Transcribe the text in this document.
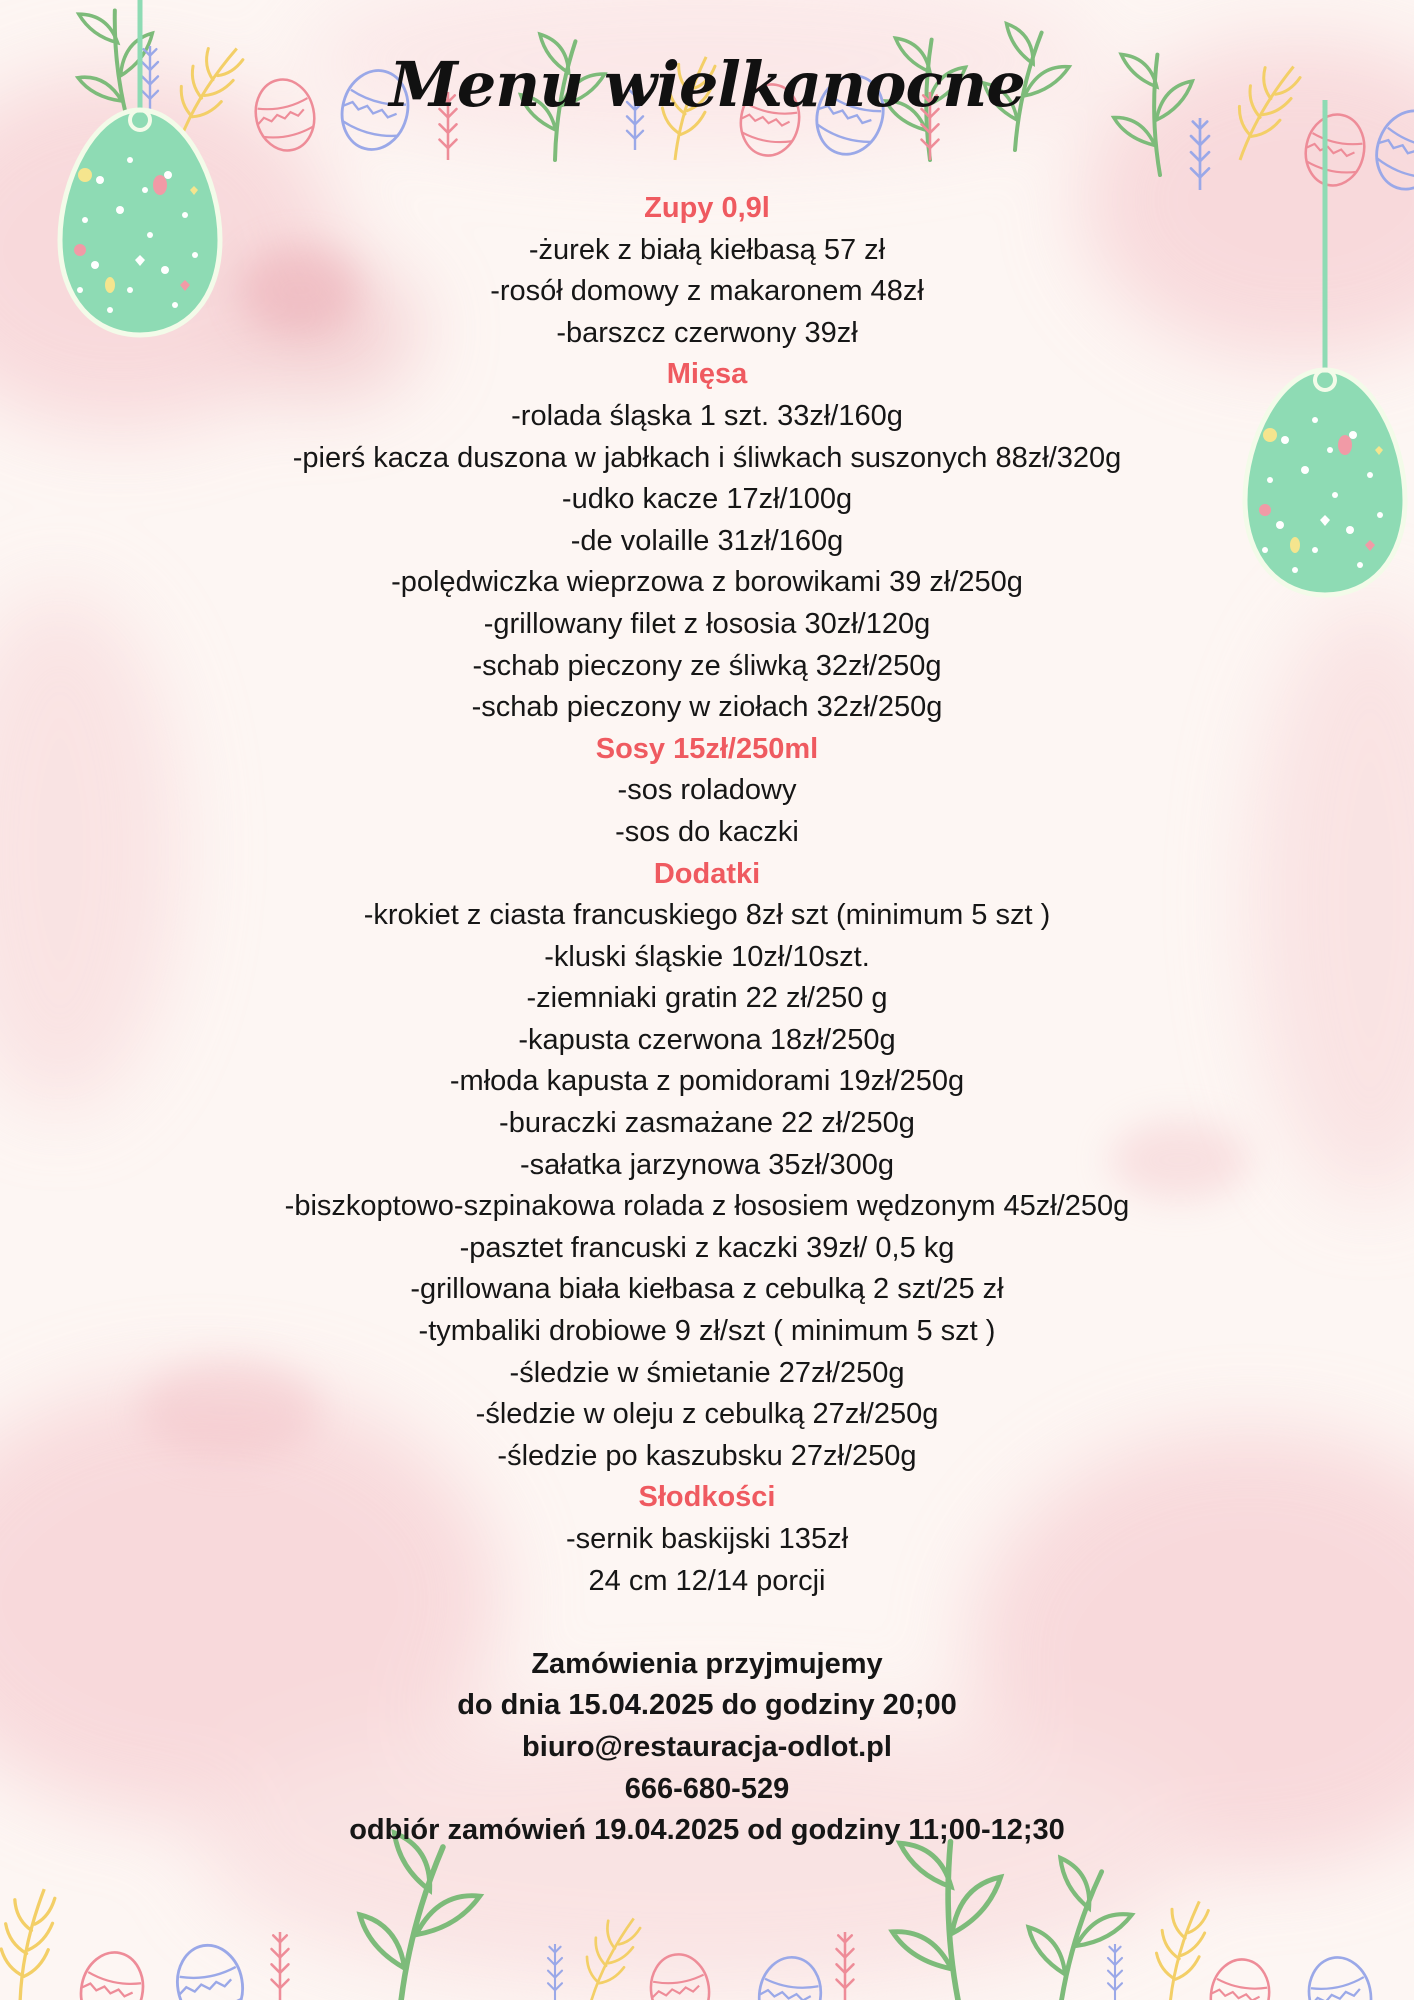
Menu wielkanocne
Zupy 0,9l
-żurek z białą kiełbasą 57 zł
-rosół domowy z makaronem 48zł
-barszcz czerwony 39zł
Mięsa
-rolada śląska 1 szt. 33zł/160g
-pierś kacza duszona w jabłkach i śliwkach suszonych 88zł/320g
-udko kacze 17zł/100g
-de volaille 31zł/160g
-polędwiczka wieprzowa z borowikami 39 zł/250g
-grillowany filet z łososia 30zł/120g
-schab pieczony ze śliwką 32zł/250g
-schab pieczony w ziołach 32zł/250g
Sosy 15zł/250ml
-sos roladowy
-sos do kaczki
Dodatki
-krokiet z ciasta francuskiego 8zł szt (minimum 5 szt )
-kluski śląskie 10zł/10szt.
-ziemniaki gratin 22 zł/250 g
-kapusta czerwona 18zł/250g
-młoda kapusta z pomidorami 19zł/250g
-buraczki zasmażane 22 zł/250g
-sałatka jarzynowa 35zł/300g
-biszkoptowo-szpinakowa rolada z łososiem wędzonym 45zł/250g
-pasztet francuski z kaczki 39zł/ 0,5 kg
-grillowana biała kiełbasa z cebulką 2 szt/25 zł
-tymbaliki drobiowe 9 zł/szt ( minimum 5 szt )
-śledzie w śmietanie 27zł/250g
-śledzie w oleju z cebulką 27zł/250g
-śledzie po kaszubsku 27zł/250g
Słodkości
-sernik baskijski 135zł
24 cm 12/14 porcji
Zamówienia przyjmujemy
do dnia 15.04.2025 do godziny 20;00
biuro@restauracja-odlot.pl
666-680-529
odbiór zamówień 19.04.2025 od godziny 11;00-12;30
